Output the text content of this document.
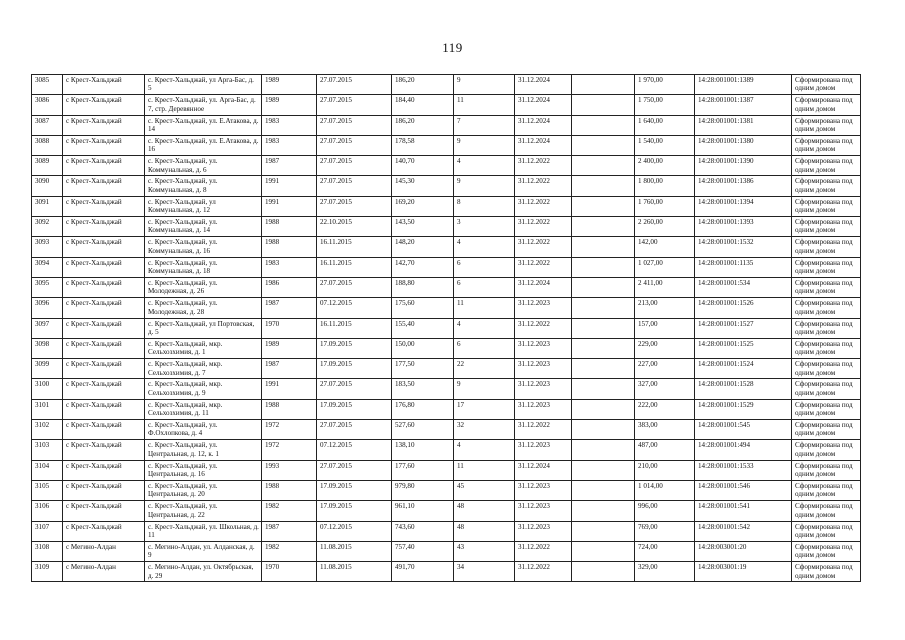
119
3085	с Крест-Хальджай	с. Крест-Хальджай, ул Арга-Бас, д. 5	1989	27.07.2015	186,20	9	31.12.2024		1 970,00	14:28:001001:1389	Сформирована под одним домом
3086	с Крест-Хальджай	с. Крест-Хальджай, ул. Арга-Бас, д. 7, стр. Деревянное	1989	27.07.2015	184,40	11	31.12.2024		1 750,00	14:28:001001:1387	Сформирована под одним домом
3087	с Крест-Хальджай	с. Крест-Хальджай, ул. Е.Атакова, д. 14	1983	27.07.2015	186,20	7	31.12.2024		1 640,00	14:28:001001:1381	Сформирована под одним домом
3088	с Крест-Хальджай	с. Крест-Хальджай, ул. Е.Атакова, д. 16	1983	27.07.2015	178,58	9	31.12.2024		1 540,00	14:28:001001:1380	Сформирована под одним домом
3089	с Крест-Хальджай	с. Крест-Хальджай, ул. Коммунальная, д. 6	1987	27.07.2015	140,70	4	31.12.2022		2 400,00	14:28:001001:1390	Сформирована под одним домом
3090	с Крест-Хальджай	с. Крест-Хальджай, ул. Коммунальная, д. 8	1991	27.07.2015	145,30	9	31.12.2022		1 800,00	14:28:001001:1386	Сформирована под одним домом
3091	с Крест-Хальджай	с. Крест-Хальджай, ул Коммунальная, д. 12	1991	27.07.2015	169,20	8	31.12.2022		1 760,00	14:28:001001:1394	Сформирована под одним домом
3092	с Крест-Хальджай	с. Крест-Хальджай, ул. Коммунальная, д. 14	1988	22.10.2015	143,50	3	31.12.2022		2 260,00	14:28:001001:1393	Сформирована под одним домом
3093	с Крест-Хальджай	с. Крест-Хальджай, ул. Коммунальная, д. 16	1988	16.11.2015	148,20	4	31.12.2022		142,00	14:28:001001:1532	Сформирована под одним домом
3094	с Крест-Хальджай	с. Крест-Хальджай, ул. Коммунальная, д. 18	1983	16.11.2015	142,70	6	31.12.2022		1 027,00	14:28:001001:1135	Сформирована под одним домом
3095	с Крест-Хальджай	с. Крест-Хальджай, ул. Молодежная, д. 26	1986	27.07.2015	188,80	6	31.12.2024		2 411,00	14:28:001001:534	Сформирована под одним домом
3096	с Крест-Хальджай	с. Крест-Хальджай, ул. Молодежная, д. 28	1987	07.12.2015	175,60	11	31.12.2023		213,00	14:28:001001:1526	Сформирована под одним домом
3097	с Крест-Хальджай	с. Крест-Хальджай, ул Портовская, д. 5	1970	16.11.2015	155,40	4	31.12.2022		157,00	14:28:001001:1527	Сформирована под одним домом
3098	с Крест-Хальджай	с. Крест-Хальджай, мкр. Сельхозхимия, д. 1	1989	17.09.2015	150,00	6	31.12.2023		229,00	14:28:001001:1525	Сформирована под одним домом
3099	с Крест-Хальджай	с. Крест-Хальджай, мкр. Сельхозхимия, д. 7	1987	17.09.2015	177,50	22	31.12.2023		227,00	14:28:001001:1524	Сформирована под одним домом
3100	с Крест-Хальджай	с. Крест-Хальджай, мкр. Сельхозхимия, д. 9	1991	27.07.2015	183,50	9	31.12.2023		327,00	14:28:001001:1528	Сформирована под одним домом
3101	с Крест-Хальджай	с. Крест-Хальджай, мкр. Сельхозхимия, д. 11	1988	17.09.2015	176,80	17	31.12.2023		222,00	14:28:001001:1529	Сформирована под одним домом
3102	с Крест-Хальджай	с. Крест-Хальджай, ул. Ф.Охлопкова, д. 4	1972	27.07.2015	527,60	32	31.12.2022		383,00	14:28:001001:545	Сформирована под одним домом
3103	с Крест-Хальджай	с. Крест-Хальджай, ул. Центральная, д. 12, к. 1	1972	07.12.2015	138,10	4	31.12.2023		487,00	14:28:001001:494	Сформирована под одним домом
3104	с Крест-Хальджай	с. Крест-Хальджай, ул. Центральная, д. 16	1993	27.07.2015	177,60	11	31.12.2024		210,00	14:28:001001:1533	Сформирована под одним домом
3105	с Крест-Хальджай	с. Крест-Хальджай, ул. Центральная, д. 20	1988	17.09.2015	979,80	45	31.12.2023		1 014,00	14:28:001001:546	Сформирована под одним домом
3106	с Крест-Хальджай	с. Крест-Хальджай, ул. Центральная, д. 22	1982	17.09.2015	961,10	48	31.12.2023		996,00	14:28:001001:541	Сформирована под одним домом
3107	с Крест-Хальджай	с. Крест-Хальджай, ул. Школьная, д. 11	1987	07.12.2015	743,60	48	31.12.2023		769,00	14:28:001001:542	Сформирована под одним домом
3108	с Мегино-Алдан	с. Мегино-Алдан, ул. Алданская, д. 9	1982	11.08.2015	757,40	43	31.12.2022		724,00	14:28:003001:20	Сформирована под одним домом
3109	с Мегино-Алдан	с. Мегино-Алдан, ул. Октябрьская, д. 29	1970	11.08.2015	491,70	34	31.12.2022		329,00	14:28:003001:19	Сформирована под одним домом
